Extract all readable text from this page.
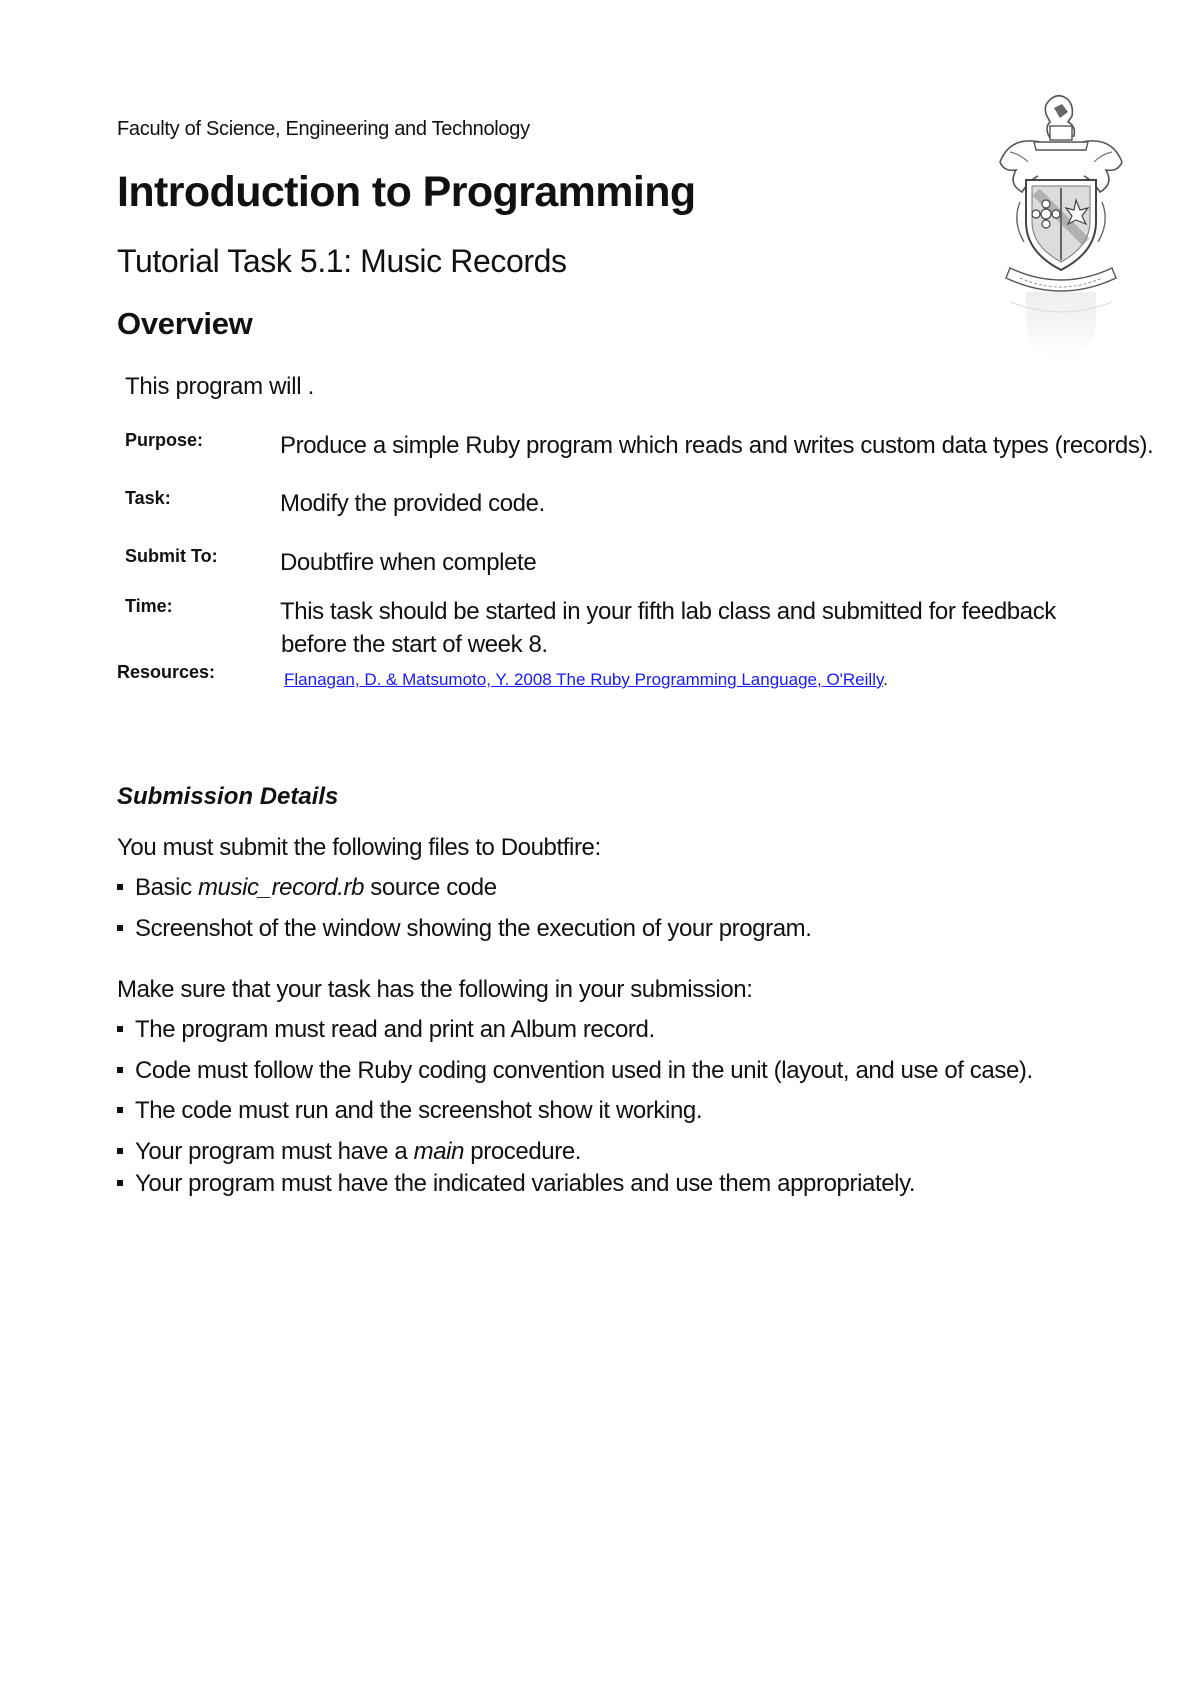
Faculty of Science, Engineering and Technology
Introduction to Programming
Tutorial Task 5.1: Music Records
Overview
This program will .
Purpose:	Produce a simple Ruby program which reads and writes custom data types (records).
Task:	Modify the provided code.
Submit To:	Doubtfire when complete
Time:	This task should be started in your fifth lab class and submitted for feedback
before the start of week 8.
Resources:	Flanagan, D. & Matsumoto, Y. 2008 The Ruby Programming Language, O'Reilly.
Submission Details
You must submit the following files to Doubtfire:
Basic music_record.rb source code
Screenshot of the window showing the execution of your program.
Make sure that your task has the following in your submission:
The program must read and print an Album record.
Code must follow the Ruby coding convention used in the unit (layout, and use of case).
The code must run and the screenshot show it working.
Your program must have a main procedure.
Your program must have the indicated variables and use them appropriately.
